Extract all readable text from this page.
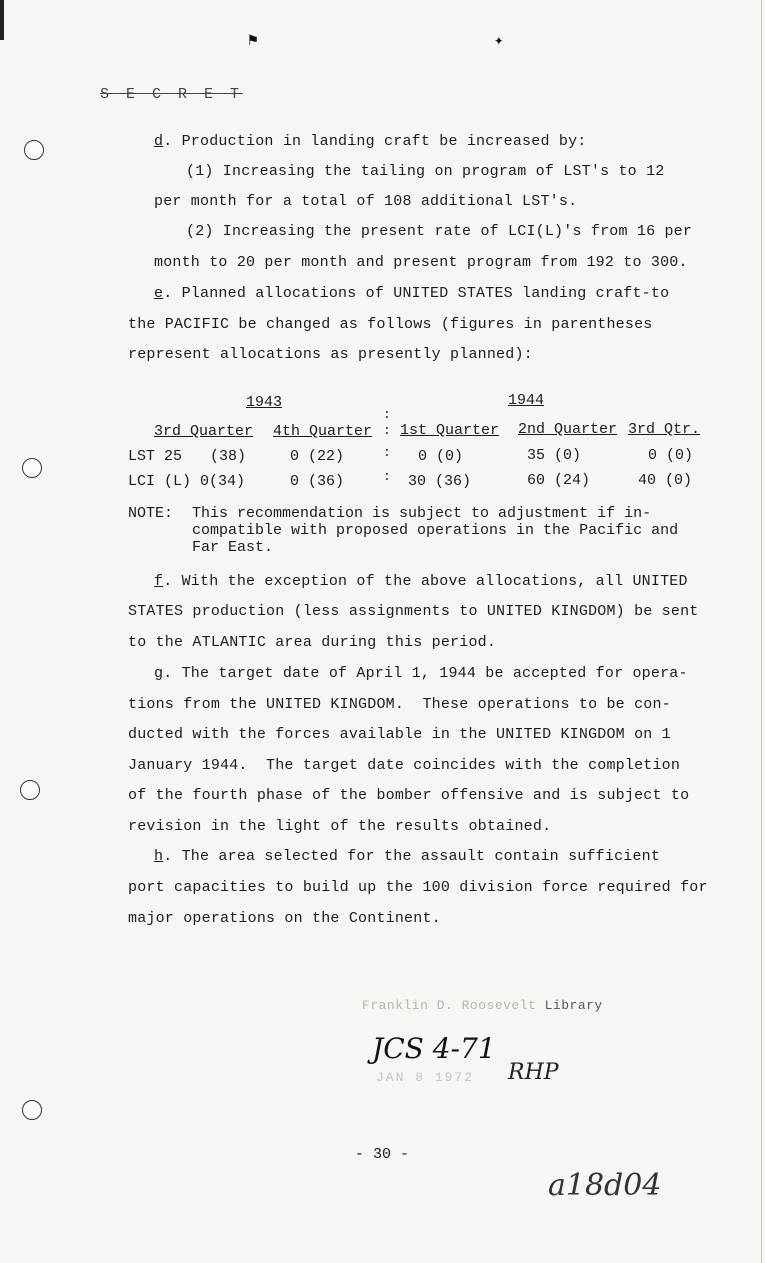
⚑	✦
S E C R E T
d. Production in landing craft be increased by:
(1) Increasing the tailing on program of LST's to 12
per month for a total of 108 additional LST's.
(2) Increasing the present rate of LCI(L)'s from 16 per
month to 20 per month and present program from 192 to 300.
e. Planned allocations of UNITED STATES landing craft-to
the PACIFIC be changed as follows (figures in parentheses
represent allocations as presently planned):
1943	1944
:
:
:
:
3rd Quarter 4th Quarter 1st Quarter 2nd Quarter 3rd Qtr.
LST 25 (38)	0 (22)	0 (0)	35 (0)	0 (0)
LCI (L) 0(34)	0 (36)	30 (36)	60 (24)	40 (0)
NOTE: This recommendation is subject to adjustment if in-
compatible with proposed operations in the Pacific and
Far East.
f. With the exception of the above allocations, all UNITED
STATES production (less assignments to UNITED KINGDOM) be sent
to the ATLANTIC area during this period.
g. The target date of April 1, 1944 be accepted for opera-
tions from the UNITED KINGDOM.  These operations to be con-
ducted with the forces available in the UNITED KINGDOM on 1
January 1944.  The target date coincides with the completion
of the fourth phase of the bomber offensive and is subject to
revision in the light of the results obtained.
h. The area selected for the assault contain sufficient
port capacities to build up the 100 division force required for
major operations on the Continent.
Franklin D. Roosevelt Library
JCS 4-71
JAN 8 1972 RHP
- 30 -
a18d04
